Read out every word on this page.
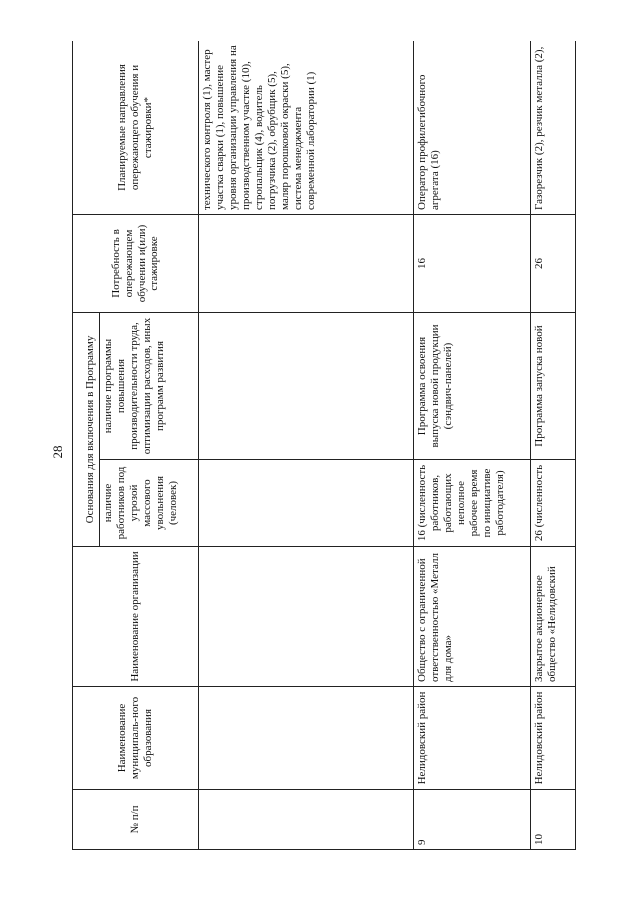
28
№ п/п	Наименование муниципаль-ного образования	Наименование организации	Основания для включения в Программу		Потребность в опережающем обучении и(или) стажировке	Планируемые направления опережающего обучения и стажировки*
			наличие работников под угрозой массового увольнения (человек)	наличие программы повышения производительности труда, оптимизации расходов, иных программ развития		
						технического контроля (1), мастер участка сварки (1), повышение уровня организации управления на производственном участке (10), стропальщик (4), водитель погрузчика (2), обрубщик (5), маляр порошковой окраски (5), система менеджмента современной лаборатории (1)
9	Нелидовский район	Общество с ограниченной ответственностью «Металл для дома»	16 (численность работников, работающих неполное рабочее время по инициативе работодателя)	Программа освоения выпуска новой продукции (сэндвич-панелей)	16	Оператор профилегибочного агрегата (16)
10	Нелидовский район	Закрытое акционерное общество «Нелидовский	26 (численность	Программа запуска новой	26	Газорезчик (2), резчик металла (2),
